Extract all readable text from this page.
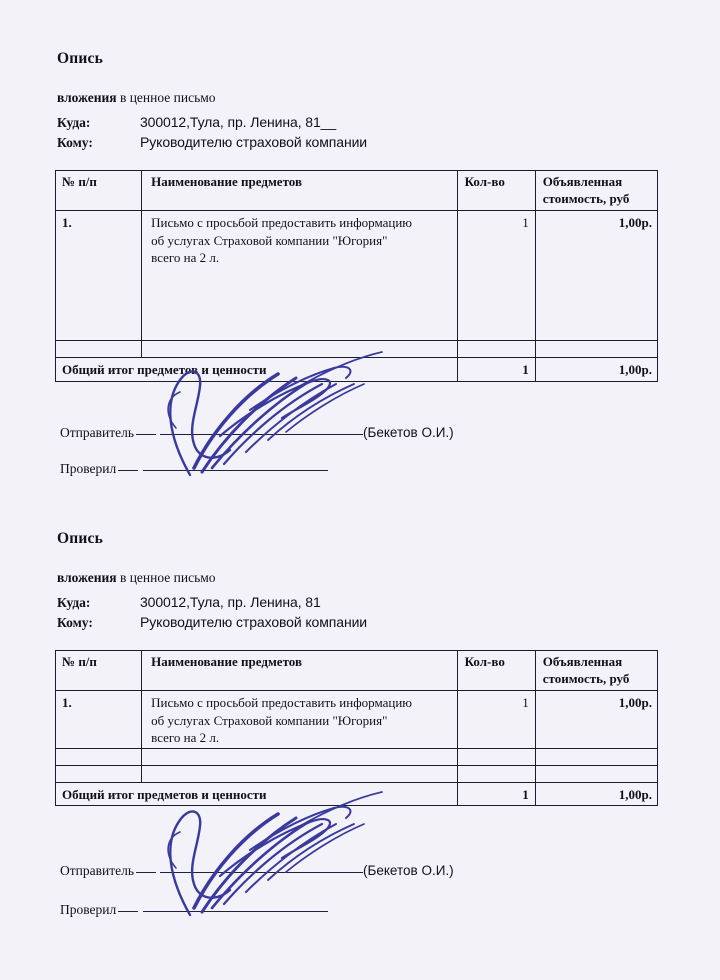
Опись
вложения в ценное письмо
Куда:	300012,Тула, пр. Ленина, 81__
Кому:	Руководителю страховой компании
№ п/п	Наименование предметов	Кол-во	Объявленная
стоимость, руб

1.	Письмо с просьбой предоставить информацию
об услугах Страховой компании "Югория"
всего на 2 л.	1	1,00р.

Общий итог предметов и ценности		1	1,00р.
Отправитель	(Бекетов О.И.)
Проверил
Опись
вложения в ценное письмо
Куда:	300012,Тула, пр. Ленина, 81
Кому:	Руководителю страховой компании
№ п/п	Наименование предметов	Кол-во	Объявленная
стоимость, руб

1.	Письмо с просьбой предоставить информацию
об услугах Страховой компании "Югория"
всего на 2 л.	1	1,00р.

Общий итог предметов и ценности		1	1,00р.
Отправитель	(Бекетов О.И.)
Проверил
